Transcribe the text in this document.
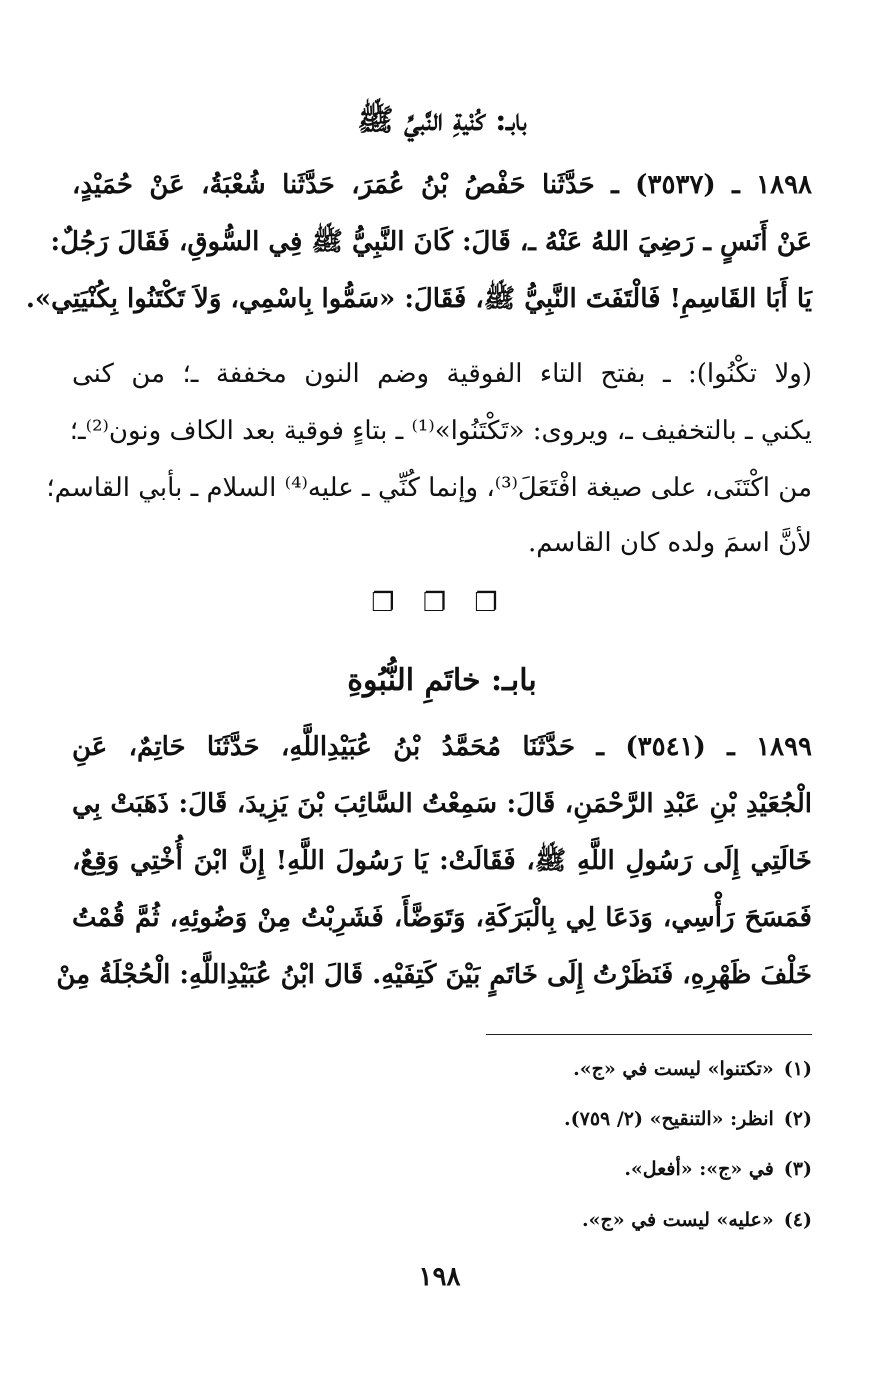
بابـ: كُنْيةِ النَّبيِّ ﷺ
١٨٩٨ ـ (٣٥٣٧) ـ حَدَّثَنا حَفْصُ بْنُ عُمَرَ، حَدَّثَنا شُعْبَةُ، عَنْ حُمَيْدٍ،
عَنْ أَنَسٍ ـ رَضِيَ اللهُ عَنْهُ ـ، قَالَ: كَانَ النَّبِيُّ ﷺ فِي السُّوقِ، فَقَالَ رَجُلٌ:
يَا أَبَا القَاسِمِ! فَالْتَفَتَ النَّبِيُّ ﷺ، فَقَالَ: «سَمُّوا بِاسْمِي، وَلاَ تَكْتَنُوا بِكُنْيَتِي».
(ولا تكْنُوا): ـ بفتح التاء الفوقية وضم النون مخففة ـ؛ من كنى
يكني ـ بالتخفيف ـ، ويروى: «تَكْتَنُوا»⁽¹⁾ ـ بتاءٍ فوقية بعد الكاف ونون⁽²⁾ـ؛
من اكْتَنَى، على صيغة افْتَعَلَ⁽³⁾، وإنما كُنِّي ـ عليه⁽⁴⁾ السلام ـ بأبي القاسم؛
لأنَّ اسمَ ولده كان القاسم.
❐ ❐ ❐
بابـ: خاتَمِ النُّبُوةِ
١٨٩٩ ـ (٣٥٤١) ـ حَدَّثَنَا مُحَمَّدُ بْنُ عُبَيْدِاللَّهِ، حَدَّثَنَا حَاتِمٌ، عَنِ
الْجُعَيْدِ بْنِ عَبْدِ الرَّحْمَنِ، قَالَ: سَمِعْتُ السَّائِبَ بْنَ يَزِيدَ، قَالَ: ذَهَبَتْ بِي
خَالَتِي إِلَى رَسُولِ اللَّهِ ﷺ، فَقَالَتْ: يَا رَسُولَ اللَّهِ! إِنَّ ابْنَ أُخْتِي وَقِعٌ،
فَمَسَحَ رَأْسِي، وَدَعَا لِي بِالْبَرَكَةِ، وَتَوَضَّأَ، فَشَرِبْتُ مِنْ وَضُوئِهِ، ثُمَّ قُمْتُ
خَلْفَ ظَهْرِهِ، فَنَظَرْتُ إِلَى خَاتَمٍ بَيْنَ كَتِفَيْهِ. قَالَ ابْنُ عُبَيْدِاللَّهِ: الْحُجْلَةُ مِنْ
(١)«تكتنوا» ليست في «ج».
(٢)انظر: «التنقيح» (٢/ ٧٥٩).
(٣)في «ج»: «أفعل».
(٤)«عليه» ليست في «ج».
١٩٨
